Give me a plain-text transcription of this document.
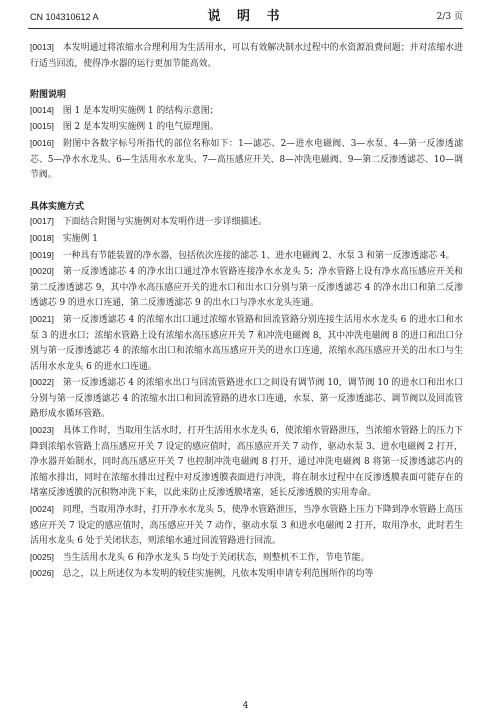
CN 104310612 A	说 明 书	2/3 页

[0013]  本发明通过将浓缩水合理利用为生活用水，可以有效解决制水过程中的水资源浪费问题；并对浓缩水进行适当回流，使得净水器的运行更加节能高效。

附图说明

[0014]  图 1 是本发明实施例 1 的结构示意图；

[0015]  图 2 是本发明实施例 1 的电气原理图。

[0016]  附图中各数字标号所指代的部位名称如下：1—滤芯、2—进水电磁阀、3—水泵、4—第一反渗透滤芯、5—净水水龙头、6—生活用水水龙头、7—高压感应开关、8—冲洗电磁阀、9—第二反渗透滤芯、10—调节阀。

具体实施方式

[0017]  下面结合附图与实施例对本发明作进一步详细描述。

[0018]  实施例 1

[0019]  一种具有节能装置的净水器，包括依次连接的滤芯 1、进水电磁阀 2、水泵 3 和第一反渗透滤芯 4。

[0020]  第一反渗透滤芯 4 的净水出口通过净水管路连接净水水龙头 5；净水管路上设有净水高压感应开关和第二反渗透滤芯 9，其中净水高压感应开关的进水口和出水口分别与第一反渗透滤芯 4 的净水出口和第二反渗透滤芯 9 的进水口连通，第二反渗透滤芯 9 的出水口与净水水龙头连通。

[0021]  第一反渗透滤芯 4 的浓缩水出口通过浓缩水管路和回流管路分别连接生活用水水龙头 6 的进水口和水泵 3 的进水口；浓缩水管路上设有浓缩水高压感应开关 7 和冲洗电磁阀 8，其中冲洗电磁阀 8 的进口和出口分别与第一反渗透滤芯 4 的浓缩水出口和浓缩水高压感应开关的进水口连通，浓缩水高压感应开关的出水口与生活用水水龙头 6 的进水口连通。

[0022]  第一反渗透滤芯 4 的浓缩水出口与回流管路进水口之间设有调节阀 10，调节阀 10 的进水口和出水口分别与第一反渗透滤芯 4 的浓缩水出口和回流管路的进水口连通，水泵、第一反渗透滤芯、调节阀以及回流管路形成水循环管路。

[0023]  具体工作时，当取用生活水时，打开生活用水水龙头 6，使浓缩水管路泄压，当浓缩水管路上的压力下降到浓缩水管路上高压感应开关 7 设定的感应值时，高压感应开关 7 动作，驱动水泵 3、进水电磁阀 2 打开，净水器开始制水，同时高压感应开关 7 也控制冲洗电磁阀 8 打开，通过冲洗电磁阀 8 将第一反渗透滤芯内的浓缩水排出，同时在浓缩水排出过程中对反渗透膜表面进行冲洗，将在制水过程中在反渗透膜表面可能存在的堵塞反渗透膜的沉积物冲洗下来，以此来防止反渗透膜堵塞，延长反渗透膜的实用寿命。

[0024]  同理，当取用净水时，打开净水水龙头 5，使净水管路泄压，当净水管路上压力下降到净水管路上高压感应开关 7 设定的感应值时，高压感应开关 7 动作，驱动水泵 3 和进水电磁阀 2 打开，取用净水，此时若生活用水龙头 6 处于关闭状态，则浓缩水通过回流管路进行回流。

[0025]  当生活用水龙头 6 和净水龙头 5 均处于关闭状态，则整机不工作，节电节能。

[0026]  总之，以上所述仅为本发明的较佳实施例，凡依本发明申请专利范围所作的均等

4
